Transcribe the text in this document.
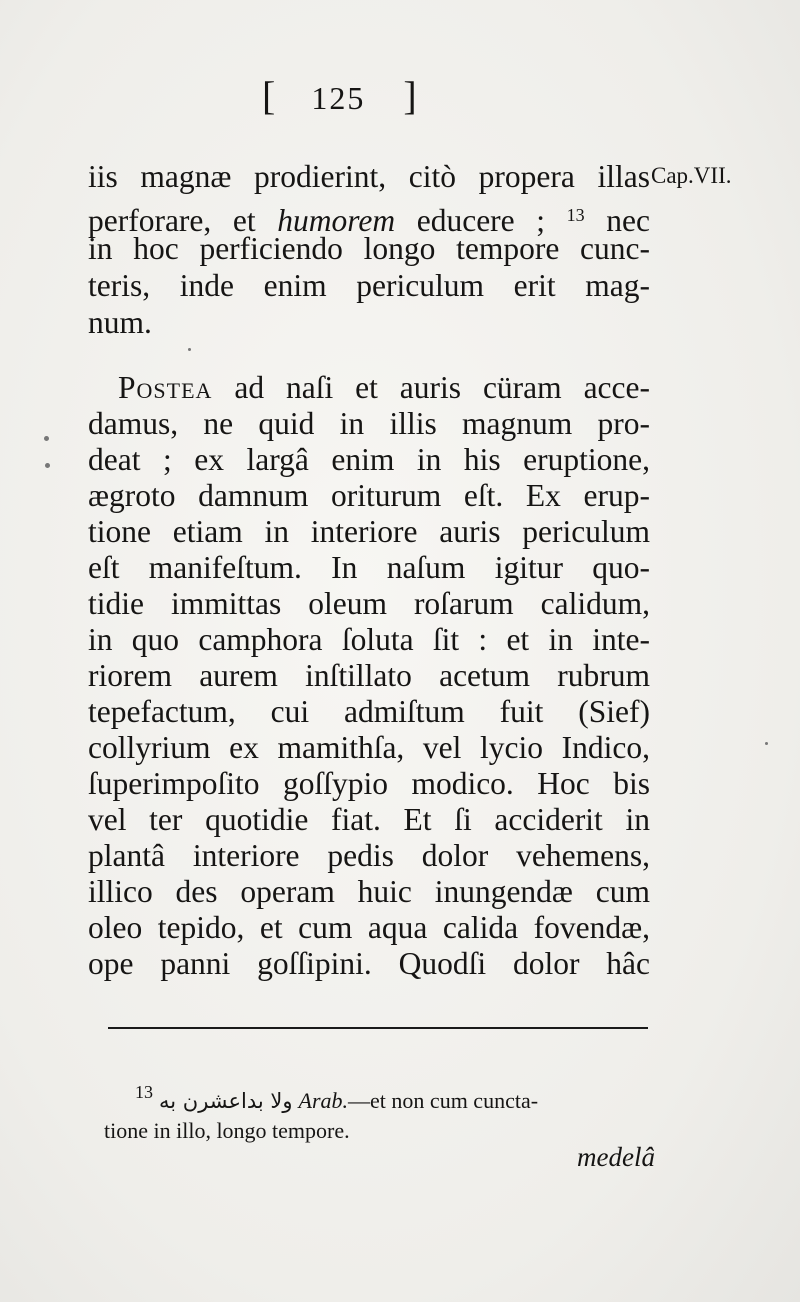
[ 125 ]
Cap.VII.
iis magnæ prodierint, citò propera illas
perforare, et humorem educere ; $^{13}$ nec
in hoc perficiendo longo tempore cunc-
teris, inde enim periculum erit mag-
num.
Postea ad naſi et auris cüram acce-
damus, ne quid in illis magnum pro-
deat ; ex largâ enim in his eruptione,
ægroto damnum oriturum eſt. Ex erup-
tione etiam in interiore auris periculum
eſt manifeſtum. In naſum igitur quo-
tidie immittas oleum roſarum calidum,
in quo camphora ſoluta ſit : et in inte-
riorem aurem inſtillato acetum rubrum
tepefactum, cui admiſtum fuit (Sief)
collyrium ex mamithſa, vel lycio Indico,
ſuperimpoſito goſſypio modico. Hoc bis
vel ter quotidie fiat. Et ſi acciderit in
plantâ interiore pedis dolor vehemens,
illico des operam huic inungendæ cum
oleo tepido, et cum aqua calida fovendæ,
ope panni goſſipini. Quodſi dolor hâc
$^{13}$ ولا بداعشرن به Arab.—et non cum cunctа-
tione in illo, longo tempore.
medelâ
